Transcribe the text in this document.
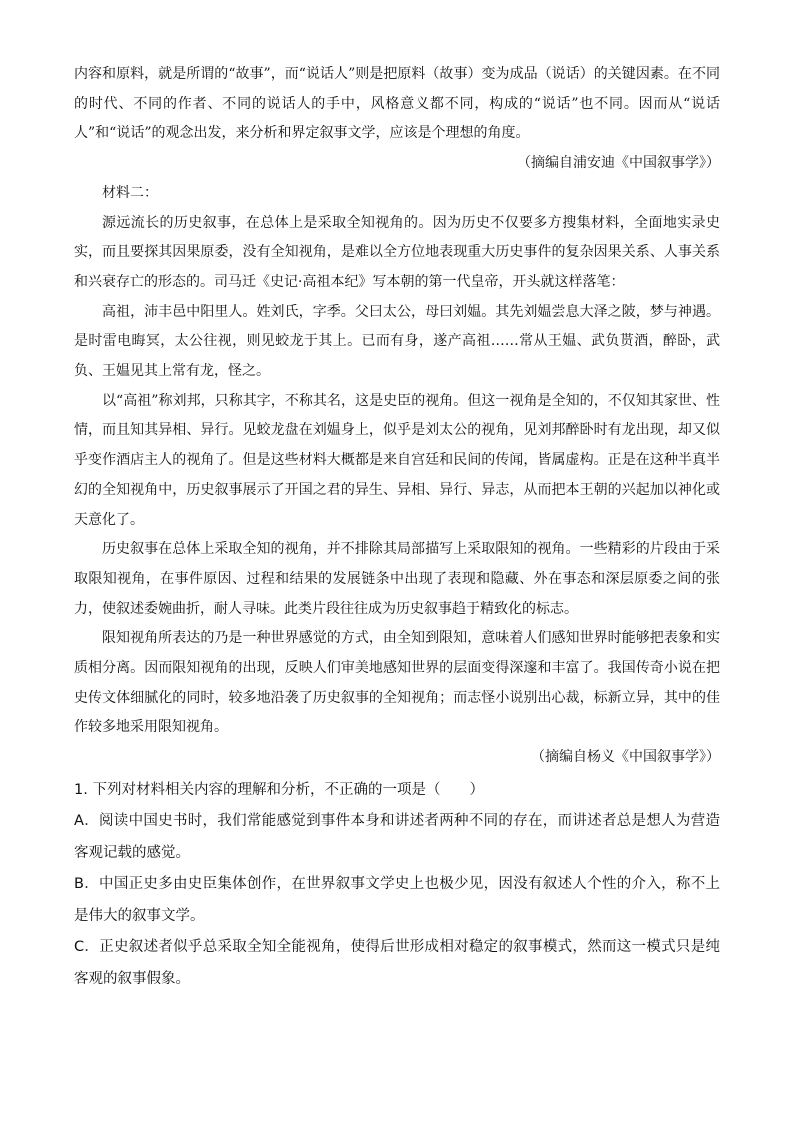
内容和原料，就是所谓的“故事”，而“说话人”则是把原料（故事）变为成品（说话）的关键因素。在不同的时代、不同的作者、不同的说话人的手中，风格意义都不同，构成的“说话”也不同。因而从“说话人”和“说话”的观念出发，来分析和界定叙事文学，应该是个理想的角度。

（摘编自浦安迪《中国叙事学》）

材料二：

源远流长的历史叙事，在总体上是采取全知视角的。因为历史不仅要多方搜集材料，全面地实录史实，而且要探其因果原委，没有全知视角，是难以全方位地表现重大历史事件的复杂因果关系、人事关系和兴衰存亡的形态的。司马迁《史记·高祖本纪》写本朝的第一代皇帝，开头就这样落笔：

高祖，沛丰邑中阳里人。姓刘氏，字季。父曰太公，母曰刘媪。其先刘媪尝息大泽之陂，梦与神遇。是时雷电晦冥，太公往视，则见蛟龙于其上。已而有身，遂产高祖……常从王媪、武负贳酒，醉卧，武负、王媪见其上常有龙，怪之。

以“高祖”称刘邦，只称其字，不称其名，这是史臣的视角。但这一视角是全知的，不仅知其家世、性情，而且知其异相、异行。见蛟龙盘在刘媪身上，似乎是刘太公的视角，见刘邦醉卧时有龙出现，却又似乎变作酒店主人的视角了。但是这些材料大概都是来自宫廷和民间的传闻，皆属虚构。正是在这种半真半幻的全知视角中，历史叙事展示了开国之君的异生、异相、异行、异志，从而把本王朝的兴起加以神化或天意化了。

历史叙事在总体上采取全知的视角，并不排除其局部描写上采取限知的视角。一些精彩的片段由于采取限知视角，在事件原因、过程和结果的发展链条中出现了表现和隐藏、外在事态和深层原委之间的张力，使叙述委婉曲折，耐人寻味。此类片段往往成为历史叙事趋于精致化的标志。

限知视角所表达的乃是一种世界感觉的方式，由全知到限知，意味着人们感知世界时能够把表象和实质相分离。因而限知视角的出现，反映人们审美地感知世界的层面变得深邃和丰富了。我国传奇小说在把史传文体细腻化的同时，较多地沿袭了历史叙事的全知视角；而志怪小说别出心裁，标新立异，其中的佳作较多地采用限知视角。

（摘编自杨义《中国叙事学》）

1. 下列对材料相关内容的理解和分析，不正确的一项是（　　）

A．阅读中国史书时，我们常能感觉到事件本身和讲述者两种不同的存在，而讲述者总是想人为营造客观记载的感觉。

B．中国正史多由史臣集体创作，在世界叙事文学史上也极少见，因没有叙述人个性的介入，称不上是伟大的叙事文学。

C．正史叙述者似乎总采取全知全能视角，使得后世形成相对稳定的叙事模式，然而这一模式只是纯客观的叙事假象。
